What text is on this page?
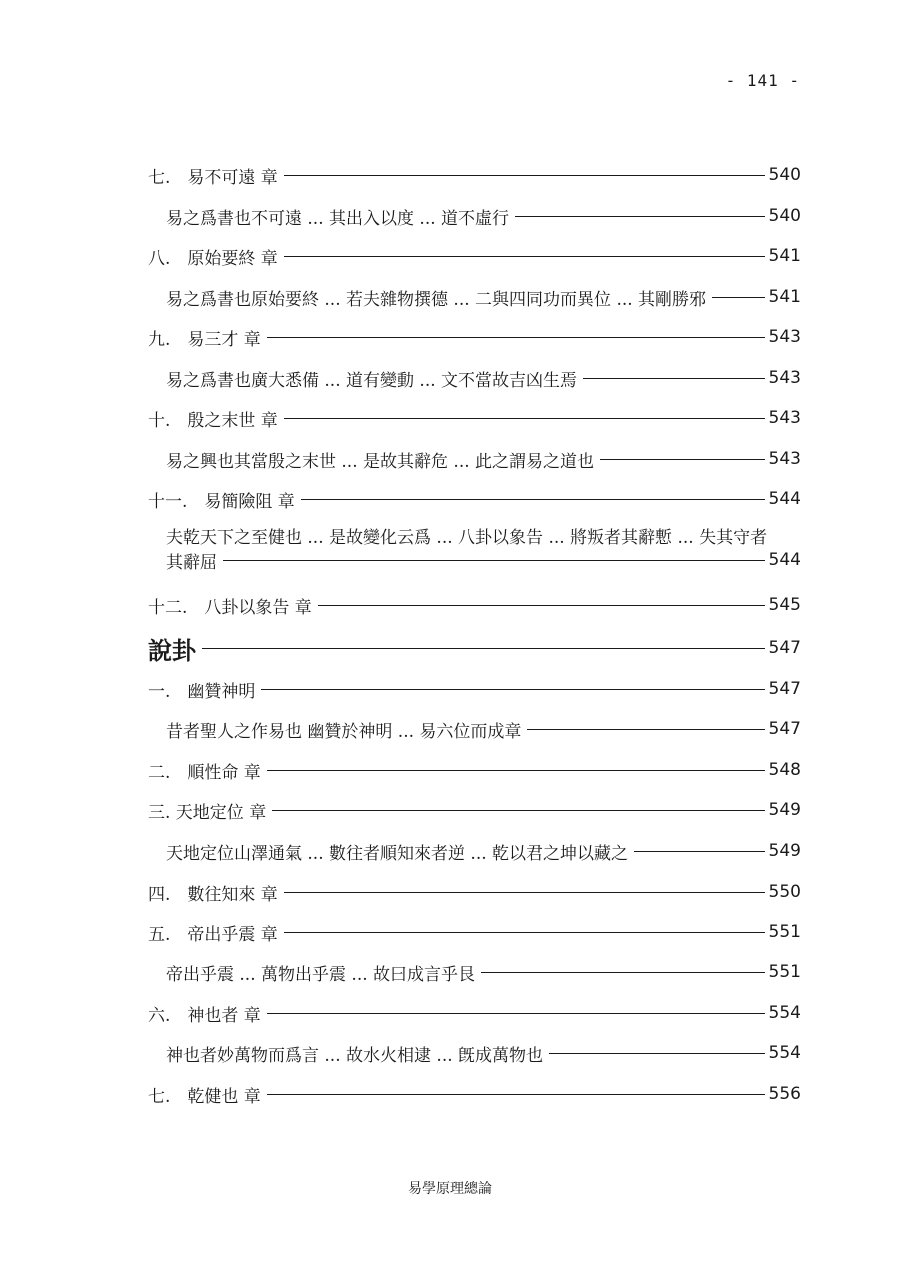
- 141 -
七.　易不可遠 章	540
易之爲書也不可遠 ... 其出入以度 ... 道不虛行	540
八.　原始要終 章	541
易之爲書也原始要終 ... 若夫雜物撰德 ... 二與四同功而異位 ... 其剛勝邪	541
九.　易三才 章	543
易之爲書也廣大悉備 ... 道有變動 ... 文不當故吉凶生焉	543
十.　殷之末世 章	543
易之興也其當殷之末世 ... 是故其辭危 ... 此之謂易之道也	543
十一.　易簡險阻 章	544
夫乾天下之至健也 ... 是故變化云爲 ... 八卦以象告 ... 將叛者其辭慙 ... 失其守者
其辭屈	544
十二.　八卦以象告 章	545
說卦	547
一.　幽贊神明	547
昔者聖人之作易也 幽贊於神明 ... 易六位而成章	547
二.　順性命 章	548
三. 天地定位 章	549
天地定位山澤通氣 ... 數往者順知來者逆 ... 乾以君之坤以藏之	549
四.　數往知來 章	550
五.　帝出乎震 章	551
帝出乎震 ... 萬物出乎震 ... 故曰成言乎艮	551
六.　神也者 章	554
神也者妙萬物而爲言 ... 故水火相逮 ... 旣成萬物也	554
七.　乾健也 章	556
易學原理總論
